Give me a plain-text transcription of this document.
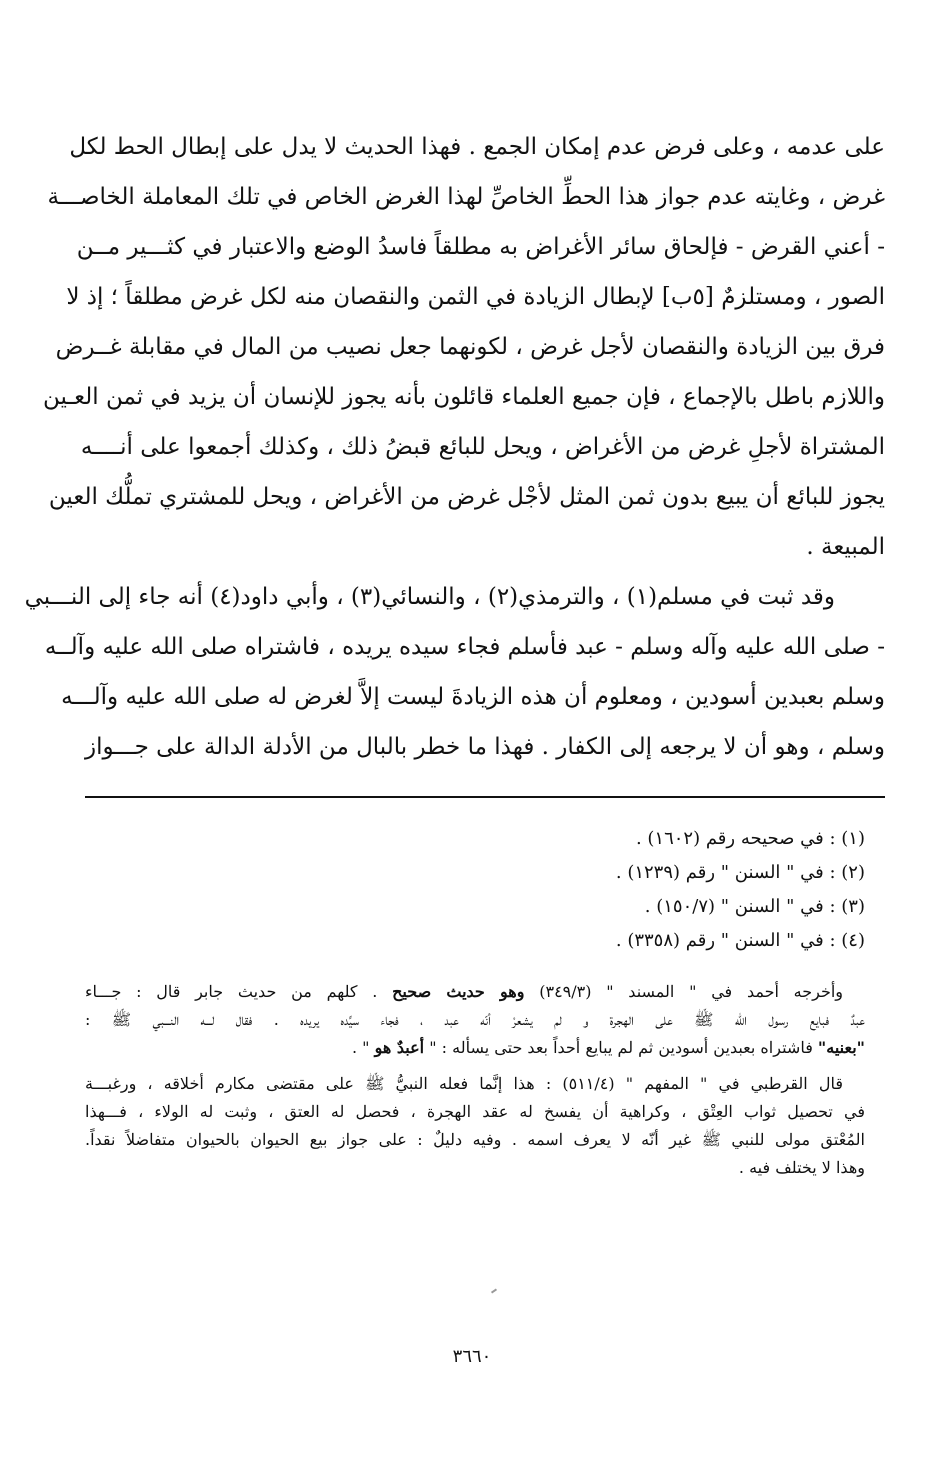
على عدمه ، وعلى فرض عدم إمكان الجمع . فهذا الحديث لا يدل على إبطال الحط لكل
غرض ، وغايته عدم جواز هذا الحطِّ الخاصِّ لهذا الغرض الخاص في تلك المعاملة الخاصـــة
- أعني القرض - فإلحاق سائر الأغراض به مطلقاً فاسدُ الوضع والاعتبار في كثـــير مــن
الصور ، ومستلزمٌ [٥ب] لإبطال الزيادة في الثمن والنقصان منه لكل غرض مطلقاً ؛ إذ لا
فرق بين الزيادة والنقصان لأجل غرض ، لكونهما جعل نصيب من المال في مقابلة غــرض
واللازم باطل بالإجماع ، فإن جميع العلماء قائلون بأنه يجوز للإنسان أن يزيد في ثمن العـين
المشتراة لأجلِ غرض من الأغراض ، ويحل للبائع قبضُ ذلك ، وكذلك أجمعوا على أنــــه
يجوز للبائع أن يبيع بدون ثمن المثل لأجْل غرض من الأغراض ، ويحل للمشتري تملُّك العين
المبيعة .
وقد ثبت في مسلم(١) ، والترمذي(٢) ، والنسائي(٣) ، وأبي داود(٤) أنه جاء إلى النـــبي
- صلى الله عليه وآله وسلم - عبد فأسلم فجاء سيده يريده ، فاشتراه صلى الله عليه وآلــه
وسلم بعبدين أسودين ، ومعلوم أن هذه الزيادةَ ليست إلاَّ لغرض له صلى الله عليه وآلـــه
وسلم ، وهو أن لا يرجعه إلى الكفار . فهذا ما خطر بالبال من الأدلة الدالة على جـــواز
(١) : في صحيحه رقم (١٦٠٢) .
(٢) : في " السنن " رقم (١٢٣٩) .
(٣) : في " السنن " (١٥٠/٧) .
(٤) : في " السنن " رقم (٣٣٥٨) .
وأخرجه أحمد في " المسند " (٣٤٩/٣) وهو حديث صحيح . كلهم من حديث جابر قال : جـــاء
عبدٌ فبايع رسول الله ﷺ على الهجرة و لم يشعرْ أنّه عبد ، فجاء سيِّده يريده . فقال لـــه النـــبي ﷺ :
"بعنيه" فاشتراه بعبدين أسودين ثم لم يبايع أحداً بعد حتى يسأله : " أعبدٌ هو " .
قال القرطبي في " المفهم " (٥١١/٤) : هذا إنَّما فعله النبيُّ ﷺ على مقتضى مكارم أخلاقه ، ورغبـــة
في تحصيل ثواب العِتْق ، وكراهية أن يفسخ له عقد الهجرة ، فحصل له العتق ، وثبت له الولاء ، فـــهذا
المُعْتق مولى للنبي ﷺ غير أنّه لا يعرف اسمه . وفيه دليلٌ : على جواز بيع الحيوان بالحيوان متفاضلاً نقداً.
وهذا لا يختلف فيه .
٣٦٦٠
